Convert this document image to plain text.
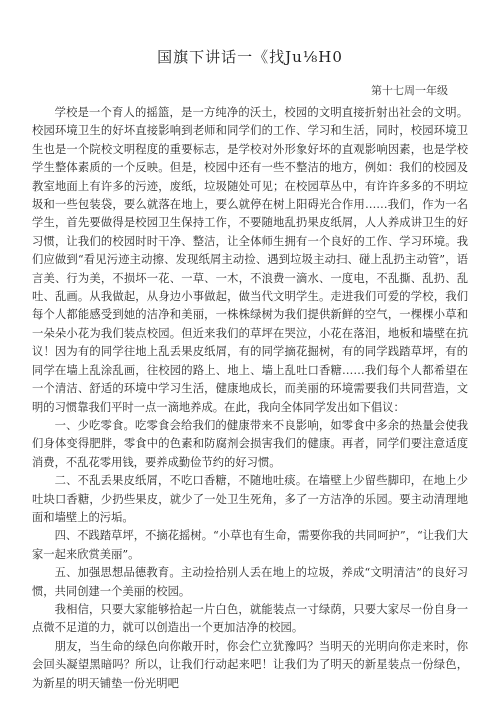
国旗下讲话一《找Ju⅛H0
第十七周一年级

学校是一个育人的摇篮，是一方纯净的沃土，校园的文明直接折射出社会的文明。校园环境卫生的好坏直接影响到老师和同学们的工作、学习和生活，同时，校园环境卫生也是一个院校文明程度的重要标志，是学校对外形象好坏的直观影响因素，也是学校学生整体素质的一个反映。但是，校园中还有一些不整洁的地方，例如：我们的校园及教室地面上有许多的污迹，废纸，垃圾随处可见；在校园草丛中，有许许多多的不明垃圾和一些包装袋，要么就落在地上，要么就停在树上阳碍光合作用……我们，作为一名学生，首先要做得是校园卫生保持工作，不要随地乱扔果皮纸屑，人人养成讲卫生的好习惯，让我们的校园时时干净、整洁，让全体师生拥有一个良好的工作、学习环境。我们应做到“看见污迹主动擦、发现纸屑主动捡、遇到垃圾主动扫、碰上乱扔主动管”，语言美、行为美，不损坏一花、一草、一木，不浪费一滴水、一度电，不乱撕、乱扔、乱吐、乱画。从我做起，从身边小事做起，做当代文明学生。走进我们可爱的学校，我们每个人都能感受到她的洁净和美丽，一株株绿树为我们提供新鲜的空气，一棵棵小草和一朵朵小花为我们装点校园。但近来我们的草坪在哭泣，小花在落泪，地板和墙壁在抗议！因为有的同学往地上乱丢果皮纸屑，有的同学摘花掘树，有的同学践踏草坪，有的同学在墙上乱涂乱画，往校园的路上、地上、墙上乱吐口香糖……我们每个人都希望在一个清洁、舒适的环境中学习生活，健康地成长，而美丽的环境需要我们共同营造，文明的习惯靠我们平时一点一滴地养成。在此，我向全体同学发出如下倡议：

一、少吃零食。吃零食会给我们的健康带来不良影响，如零食中多余的热量会使我们身体变得肥胖，零食中的色素和防腐剂会损害我们的健康。再者，同学们要注意适度消费，不乱花零用钱，要养成勤俭节约的好习惯。

二、不乱丢果皮纸屑，不吃口香糖，不随地吐痰。在墙壁上少留些脚印，在地上少吐块口香糖，少扔些果皮，就少了一处卫生死角，多了一方洁净的乐园。要主动清理地面和墙壁上的污垢。

四、不践踏草坪，不摘花摇树。“小草也有生命，需要你我的共同呵护”，“让我们大家一起来欣赏美丽”。

五、加强思想品德教育。主动捡拾别人丢在地上的垃圾，养成“文明清洁”的良好习惯，共同创建一个美丽的校园。

我相信，只要大家能够拾起一片白色，就能装点一寸绿荫，只要大家尽一份自身一点微不足道的力，就可以创造出一个更加洁净的校园。

朋友，当生命的绿色向你敞开时，你会伫立犹豫吗？当明天的光明向你走来时，你会回头凝望黑暗吗？所以，让我们行动起来吧！让我们为了明天的新星装点一份绿色，为新星的明天铺垫一份光明吧
